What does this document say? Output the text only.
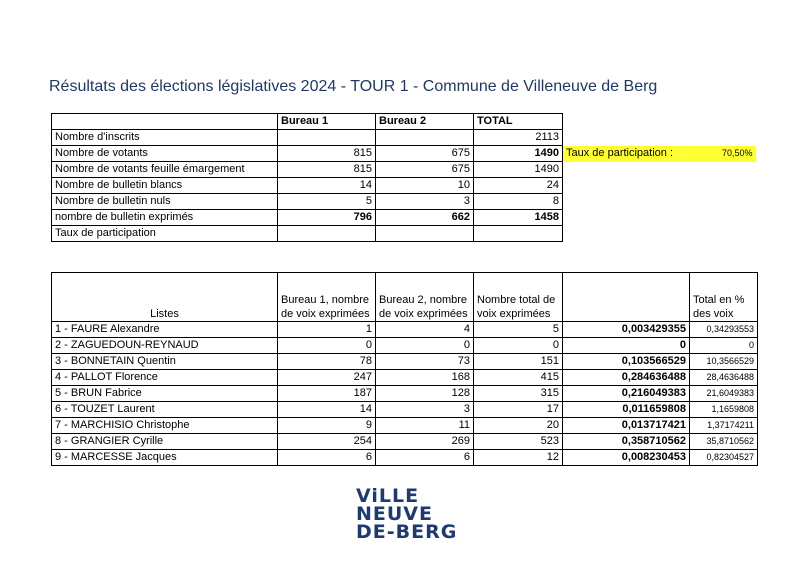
Résultats des élections législatives 2024 - TOUR 1 - Commune de Villeneuve de Berg
	Bureau 1	Bureau 2	TOTAL		
Nombre d'inscrits			2113		
Nombre de votants	815	675	1490	Taux de participation :	70,50%
Nombre de votants feuille émargement	815	675	1490		
Nombre de bulletin blancs	14	10	24		
Nombre de bulletin nuls	5	3	8		
nombre de bulletin exprimés	796	662	1458		
Taux de participation					
Listes	Bureau 1, nombre de voix exprimées	Bureau 2, nombre de voix exprimées	Nombre total de voix exprimées		Total en % des voix
1 - FAURE Alexandre	1	4	5	0,003429355	0,34293553
2 - ZAGUEDOUN-REYNAUD	0	0	0	0	0
3 - BONNETAIN Quentin	78	73	151	0,103566529	10,3566529
4 - PALLOT Florence	247	168	415	0,284636488	28,4636488
5 - BRUN Fabrice	187	128	315	0,216049383	21,6049383
6 - TOUZET Laurent	14	3	17	0,011659808	1,1659808
7 - MARCHISIO Christophe	9	11	20	0,013717421	1,37174211
8 - GRANGIER Cyrille	254	269	523	0,358710562	35,8710562
9 - MARCESSE Jacques	6	6	12	0,008230453	0,82304527
ViLLE
NEUVE
DE-BERG
